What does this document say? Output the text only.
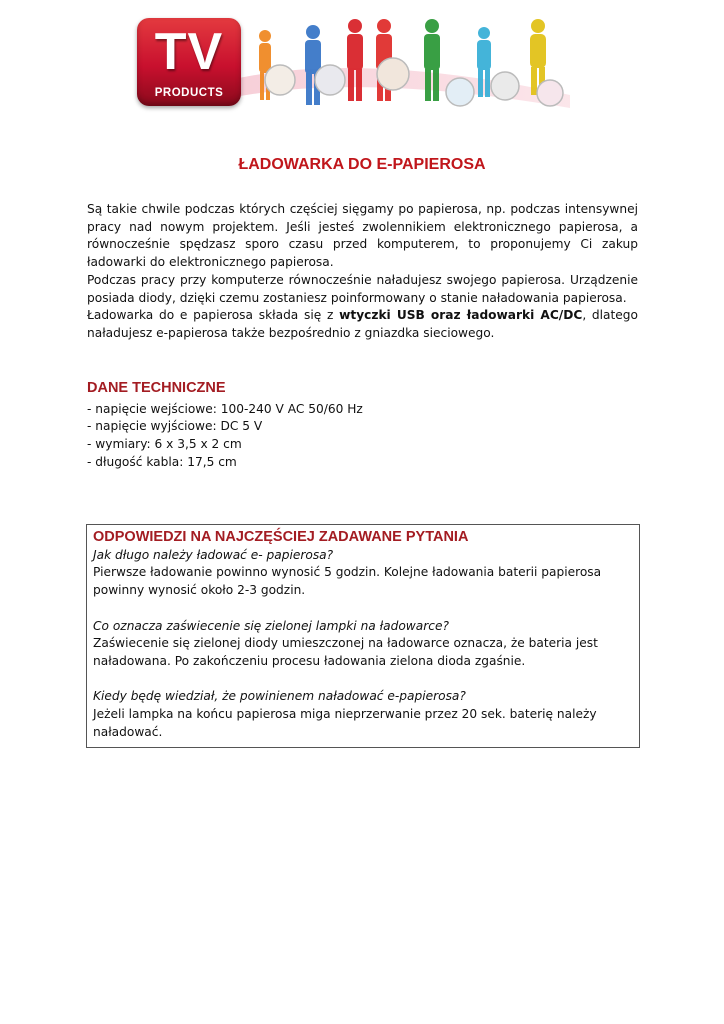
TV
PRODUCTS
ŁADOWARKA DO E-PAPIEROSA

Są takie chwile podczas których częściej sięgamy po papierosa, np. podczas intensywnej pracy nad nowym projektem. Jeśli jesteś zwolennikiem elektronicznego papierosa, a równocześnie spędzasz sporo czasu przed komputerem, to proponujemy Ci zakup ładowarki do elektronicznego papierosa.

Podczas pracy przy komputerze równocześnie naładujesz swojego papierosa. Urządzenie posiada diody, dzięki czemu zostaniesz poinformowany o stanie naładowania papierosa.

Ładowarka do e papierosa składa się z wtyczki USB oraz ładowarki AC/DC, dlatego naładujesz e-papierosa także bezpośrednio z gniazdka sieciowego.

DANE TECHNICZNE
- napięcie wejściowe: 100-240 V AC 50/60 Hz
- napięcie wyjściowe: DC 5 V
- wymiary: 6 x 3,5 x 2 cm
- długość kabla: 17,5 cm
ODPOWIEDZI NA NAJCZĘŚCIEJ ZADAWANE PYTANIA
Jak długo należy ładować e- papierosa?
Pierwsze ładowanie powinno wynosić 5 godzin. Kolejne ładowania baterii papierosa powinny wynosić około 2-3 godzin.
Co oznacza zaświecenie się zielonej lampki na ładowarce?
Zaświecenie się zielonej diody umieszczonej na ładowarce oznacza, że bateria jest naładowana. Po zakończeniu procesu ładowania zielona dioda zgaśnie.
Kiedy będę wiedział, że powinienem naładować e-papierosa?
Jeżeli lampka na końcu papierosa miga nieprzerwanie przez 20 sek. baterię należy naładować.
